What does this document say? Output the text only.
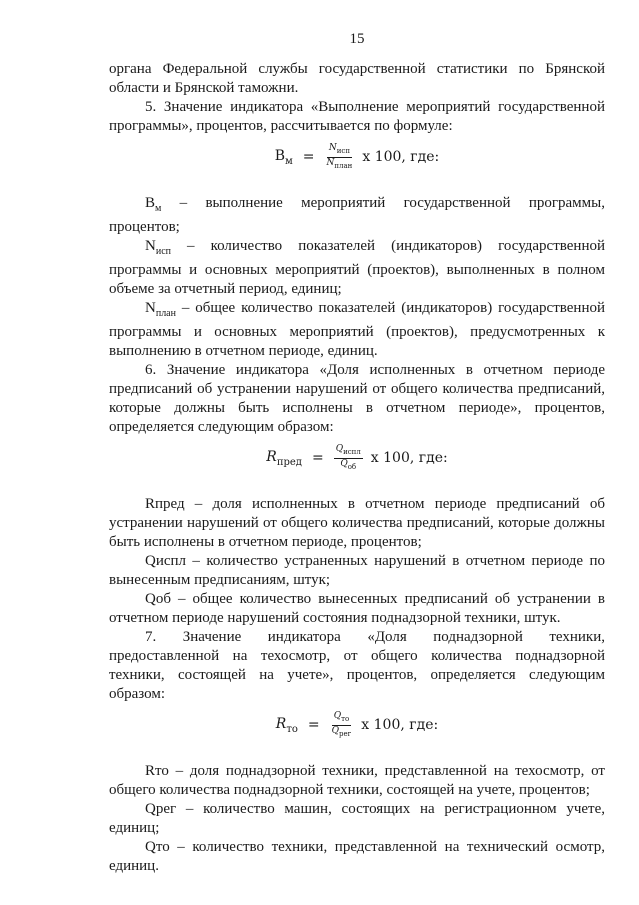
15

органа Федеральной службы государственной статистики по Брянской области и Брянской таможни.

5. Значение индикатора «Выполнение мероприятий государственной программы», процентов, рассчитывается по формуле:

$В_м = \frac{N_{исп}}{N_{план}}$ х 100, где:

$В_м$ – выполнение мероприятий государственной программы, процентов;

$N_{исп}$ – количество показателей (индикаторов) государственной программы и основных мероприятий (проектов), выполненных в полном объеме за отчетный период, единиц;

$N_{план}$ – общее количество показателей (индикаторов) государственной программы и основных мероприятий (проектов), предусмотренных к выполнению в отчетном периоде, единиц.

6. Значение индикатора «Доля исполненных в отчетном периоде предписаний об устранении нарушений от общего количества предписаний, которые должны быть исполнены в отчетном периоде», процентов, определяется следующим образом:

$R_{пред} = \frac{Q_{испл}}{Q_{об}}$ х 100, где:

Rпред – доля исполненных в отчетном периоде предписаний об устранении нарушений от общего количества предписаний, которые должны быть исполнены в отчетном периоде, процентов;

Qиспл – количество устраненных нарушений в отчетном периоде по вынесенным предписаниям, штук;

Qоб – общее количество вынесенных предписаний об устранении в отчетном периоде нарушений состояния поднадзорной техники, штук.

7. Значение индикатора «Доля поднадзорной техники, предоставленной на техосмотр, от общего количества поднадзорной техники, состоящей на учете», процентов, определяется следующим образом:

$R_{то} = \frac{Q_{то}}{Q_{рег}}$ х 100, где:

Rто – доля поднадзорной техники, представленной на техосмотр, от общего количества поднадзорной техники, состоящей на учете, процентов;

Qрег – количество машин, состоящих на регистрационном учете, единиц;

Qто – количество техники, представленной на технический осмотр, единиц.
